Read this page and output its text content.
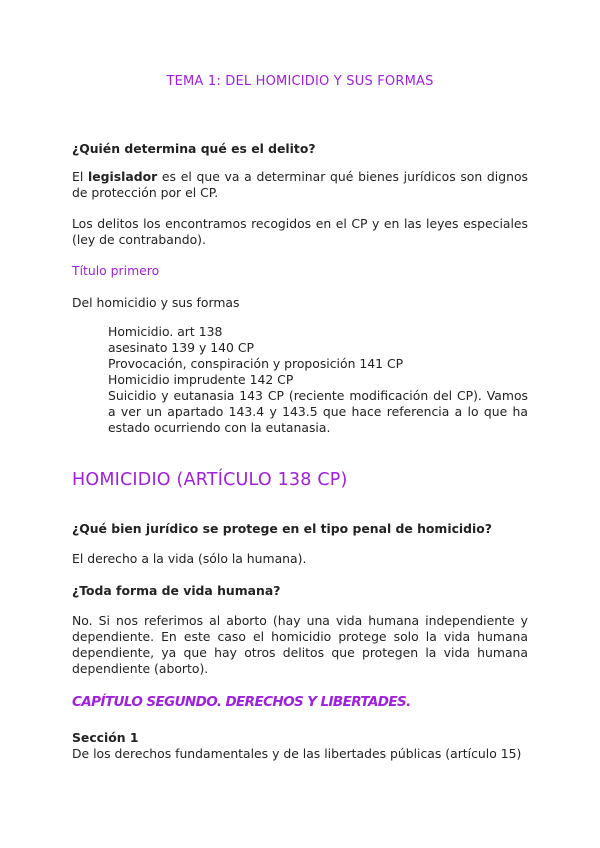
TEMA 1: DEL HOMICIDIO Y SUS FORMAS
¿Quién determina qué es el delito?
El legislador es el que va a determinar qué bienes jurídicos son dignos de protección por el CP.
Los delitos los encontramos recogidos en el CP y en las leyes especiales (ley de contrabando).
Título primero
Del homicidio y sus formas
Homicidio. art 138
asesinato 139 y 140 CP
Provocación, conspiración y proposición 141 CP
Homicidio imprudente 142 CP
Suicidio y eutanasia 143 CP (reciente modificación del CP). Vamos a ver un apartado 143.4 y 143.5 que hace referencia a lo que ha estado ocurriendo con la eutanasia.
HOMICIDIO (ARTÍCULO 138 CP)
¿Qué bien jurídico se protege en el tipo penal de homicidio?
El derecho a la vida (sólo la humana).
¿Toda forma de vida humana?
No. Si nos referimos al aborto (hay una vida humana independiente y dependiente. En este caso el homicidio protege solo la vida humana dependiente, ya que hay otros delitos que protegen la vida humana dependiente (aborto).
CAPÍTULO SEGUNDO. DERECHOS Y LIBERTADES.
Sección 1
De los derechos fundamentales y de las libertades públicas (artículo 15)
